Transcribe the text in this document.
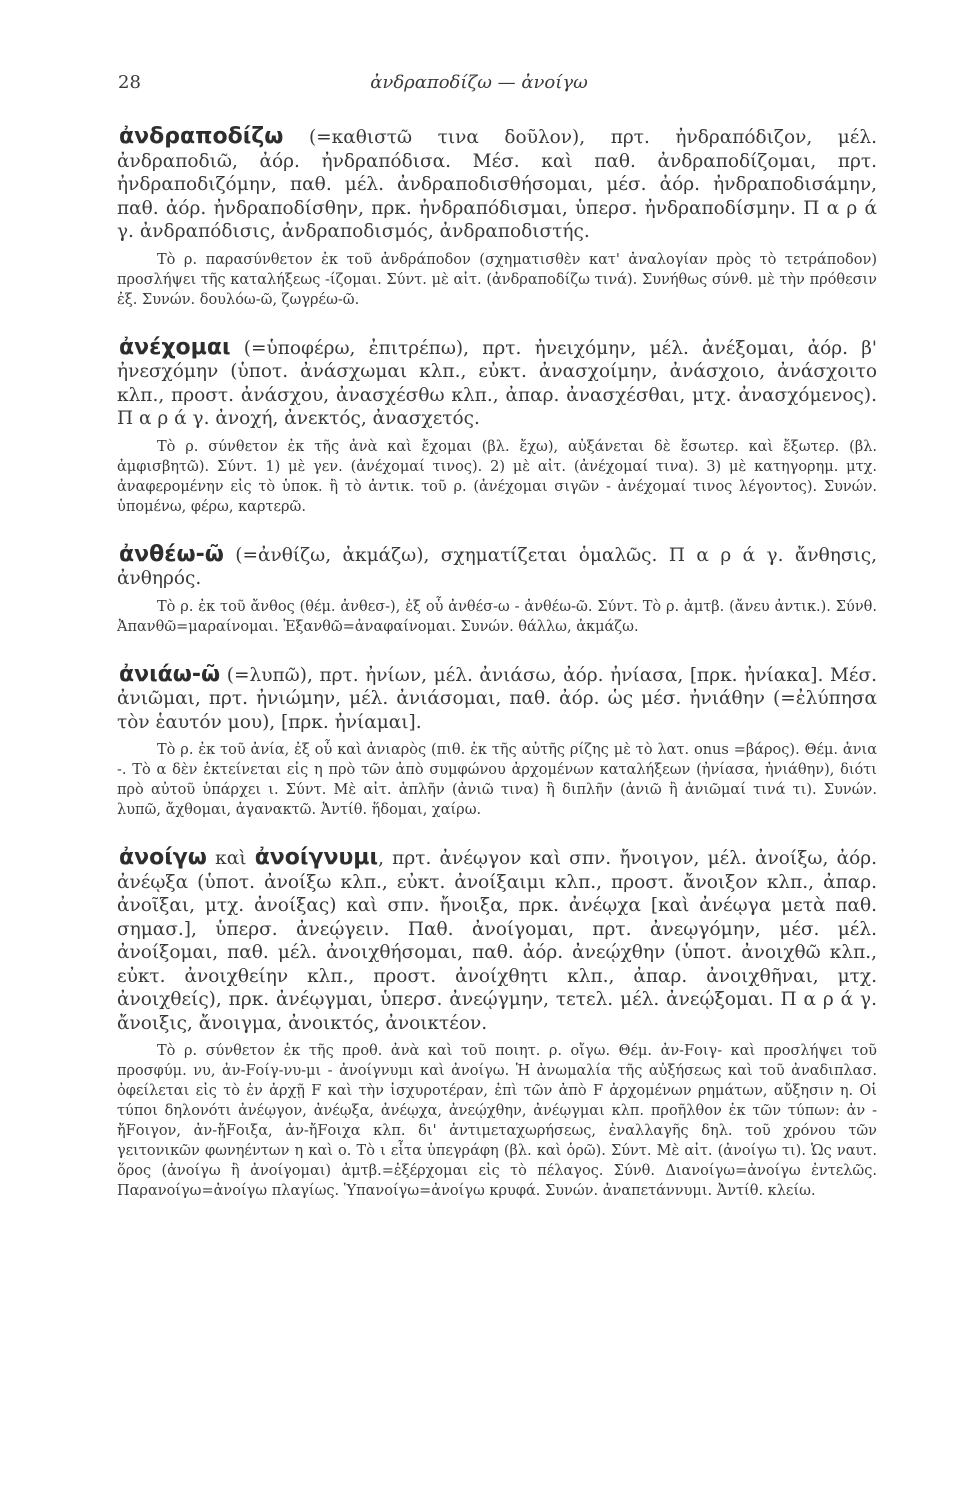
28	ἀνδραποδίζω — ἀνοίγω

ἀνδραποδίζω (=καθιστῶ τινα δοῦλον), πρτ. ἠνδραπόδιζον, μέλ. ἀνδραποδιῶ, ἀόρ. ἠνδραπόδισα. Μέσ. καὶ παθ. ἀνδραποδίζομαι, πρτ. ἠνδραποδιζόμην, παθ. μέλ. ἀνδραποδισθήσομαι, μέσ. ἀόρ. ἠνδραποδισάμην, παθ. ἀόρ. ἠνδραποδίσθην, πρκ. ἠνδραπόδισμαι, ὑπερσ. ἠνδραποδίσμην. Π α ρ ά γ. ἀνδραπόδισις, ἀνδραποδισμός, ἀνδραποδιστής.

Τὸ ρ. παρασύνθετον ἐκ τοῦ ἀνδράποδον (σχηματισθὲν κατ' ἀναλογίαν πρὸς τὸ τετράποδον) προσλήψει τῆς καταλήξεως -ίζομαι. Σύντ. μὲ αἰτ. (ἀνδραποδίζω τινά). Συνήθως σύνθ. μὲ τὴν πρόθεσιν ἐξ. Συνών. δουλόω-ῶ, ζωγρέω-ῶ.

ἀνέχομαι (=ὑποφέρω, ἐπιτρέπω), πρτ. ἠνειχόμην, μέλ. ἀνέξομαι, ἀόρ. β' ἠνεσχόμην (ὑποτ. ἀνάσχωμαι κλπ., εὐκτ. ἀνασχοίμην, ἀνάσχοιο, ἀνάσχοιτο κλπ., προστ. ἀνάσχου, ἀνασχέσθω κλπ., ἀπαρ. ἀνασχέσθαι, μτχ. ἀνασχόμενος). Π α ρ ά γ. ἀνοχή, ἀνεκτός, ἀνασχετός.

Τὸ ρ. σύνθετον ἐκ τῆς ἀνὰ καὶ ἔχομαι (βλ. ἔχω), αὐξάνεται δὲ ἔσωτερ. καὶ ἔξωτερ. (βλ. ἀμφισβητῶ). Σύντ. 1) μὲ γεν. (ἀνέχομαί τινος). 2) μὲ αἰτ. (ἀνέχομαί τινα). 3) μὲ κατηγορημ. μτχ. ἀναφερομένην εἰς τὸ ὑποκ. ἢ τὸ ἀντικ. τοῦ ρ. (ἀνέχομαι σιγῶν - ἀνέχομαί τινος λέγοντος). Συνών. ὑπομένω, φέρω, καρτερῶ.

ἀνθέω-ῶ (=ἀνθίζω, ἀκμάζω), σχηματίζεται ὁμαλῶς. Π α ρ ά γ. ἄνθησις, ἀνθηρός.

Τὸ ρ. ἐκ τοῦ ἄνθος (θέμ. ἀνθεσ-), ἐξ οὗ ἀνθέσ-ω - ἀνθέω-ῶ. Σύντ. Τὸ ρ. ἀμτβ. (ἄνευ ἀντικ.). Σύνθ. Ἀπανθῶ=μαραίνομαι. Ἐξανθῶ=ἀναφαίνομαι. Συνών. θάλλω, ἀκμάζω.

ἀνιάω-ῶ (=λυπῶ), πρτ. ἠνίων, μέλ. ἀνιάσω, ἀόρ. ἠνίασα, [πρκ. ἠνίακα]. Μέσ. ἀνιῶμαι, πρτ. ἠνιώμην, μέλ. ἀνιάσομαι, παθ. ἀόρ. ὡς μέσ. ἠνιάθην (=ἐλύπησα τὸν ἑαυτόν μου), [πρκ. ἠνίαμαι].

Τὸ ρ. ἐκ τοῦ ἀνία, ἐξ οὗ καὶ ἀνιαρὸς (πιθ. ἐκ τῆς αὐτῆς ρίζης μὲ τὸ λατ. onus =βάρος). Θέμ. ἀνια -. Τὸ α δὲν ἐκτείνεται εἰς η πρὸ τῶν ἀπὸ συμφώνου ἀρχομένων καταλήξεων (ἠνίασα, ἠνιάθην), διότι πρὸ αὐτοῦ ὑπάρχει ι. Σύντ. Μὲ αἰτ. ἁπλῆν (ἀνιῶ τινα) ἢ διπλῆν (ἀνιῶ ἢ ἀνιῶμαί τινά τι). Συνών. λυπῶ, ἄχθομαι, ἀγανακτῶ. Ἀντίθ. ἥδομαι, χαίρω.

ἀνοίγω καὶ ἀνοίγνυμι, πρτ. ἀνέῳγον καὶ σπν. ἤνοιγον, μέλ. ἀνοίξω, ἀόρ. ἀνέῳξα (ὑποτ. ἀνοίξω κλπ., εὐκτ. ἀνοίξαιμι κλπ., προστ. ἄνοιξον κλπ., ἀπαρ. ἀνοῖξαι, μτχ. ἀνοίξας) καὶ σπν. ἤνοιξα, πρκ. ἀνέῳχα [καὶ ἀνέῳγα μετὰ παθ. σημασ.], ὑπερσ. ἀνεῴγειν. Παθ. ἀνοίγομαι, πρτ. ἀνεῳγόμην, μέσ. μέλ. ἀνοίξομαι, παθ. μέλ. ἀνοιχθήσομαι, παθ. ἀόρ. ἀνεῴχθην (ὑποτ. ἀνοιχθῶ κλπ., εὐκτ. ἀνοιχθείην κλπ., προστ. ἀνοίχθητι κλπ., ἀπαρ. ἀνοιχθῆναι, μτχ. ἀνοιχθείς), πρκ. ἀνέῳγμαι, ὑπερσ. ἀνεῴγμην, τετελ. μέλ. ἀνεῴξομαι. Π α ρ ά γ. ἄνοιξις, ἄνοιγμα, ἀνοικτός, ἀνοικτέον.

Τὸ ρ. σύνθετον ἐκ τῆς προθ. ἀνὰ καὶ τοῦ ποιητ. ρ. οἴγω. Θέμ. ἀν-Fοιγ- καὶ προσλήψει τοῦ προσφύμ. νυ, ἀν-Fοίγ-νυ-μι - ἀνοίγνυμι καὶ ἀνοίγω. Ἡ ἀνωμαλία τῆς αὐξήσεως καὶ τοῦ ἀναδιπλασ. ὀφείλεται εἰς τὸ ἐν ἀρχῇ F καὶ τὴν ἰσχυροτέραν, ἐπὶ τῶν ἀπὸ F ἀρχομένων ρημάτων, αὔξησιν η. Οἱ τύποι δηλονότι ἀνέῳγον, ἀνέῳξα, ἀνέῳχα, ἀνεῴχθην, ἀνέῳγμαι κλπ. προῆλθον ἐκ τῶν τύπων: ἀν - ἤFοιγον, ἀν-ἤFοιξα, ἀν-ἤFοιχα κλπ. δι' ἀντιμεταχωρήσεως, ἐναλλαγῆς δηλ. τοῦ χρόνου τῶν γειτονικῶν φωνηέντων η καὶ ο. Τὸ ι εἶτα ὑπεγράφη (βλ. καὶ ὁρῶ). Σύντ. Μὲ αἰτ. (ἀνοίγω τι). Ὡς ναυτ. ὅρος (ἀνοίγω ἢ ἀνοίγομαι) ἀμτβ.=ἐξέρχομαι εἰς τὸ πέλαγος. Σύνθ. Διανοίγω=ἀνοίγω ἐντελῶς. Παρανοίγω=ἀνοίγω πλαγίως. Ὑπανοίγω=ἀνοίγω κρυφά. Συνών. ἀναπετάννυμι. Ἀντίθ. κλείω.
